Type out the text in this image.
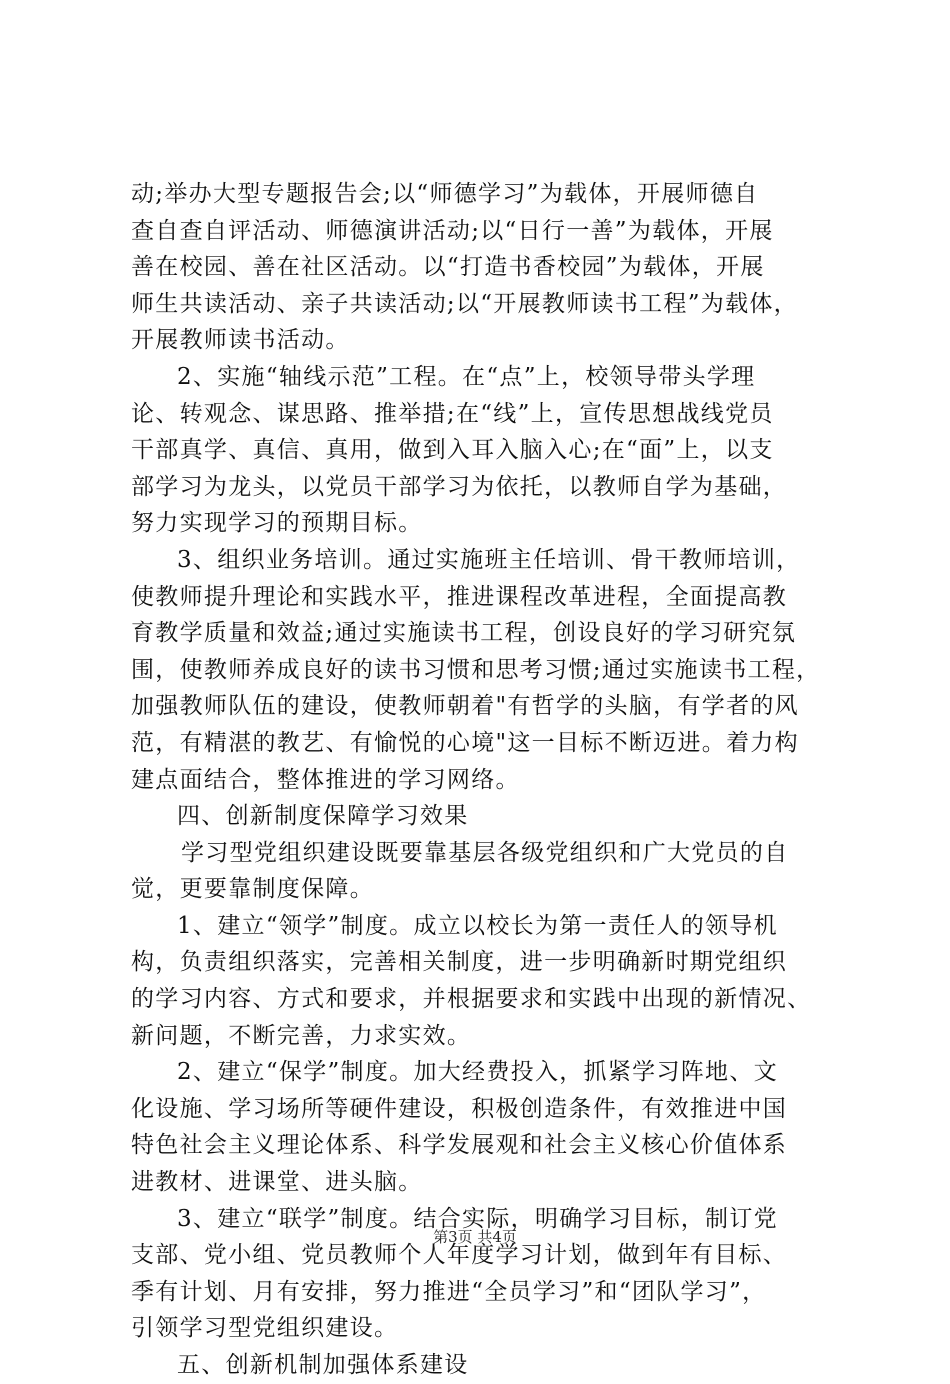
动;举办大型专题报告会;以“师德学习”为载体，开展师德自
查自查自评活动、师德演讲活动;以“日行一善”为载体，开展
善在校园、善在社区活动。以“打造书香校园”为载体，开展
师生共读活动、亲子共读活动;以“开展教师读书工程”为载体，
开展教师读书活动。
2、实施“轴线示范”工程。在“点”上，校领导带头学理
论、转观念、谋思路、推举措;在“线”上，宣传思想战线党员
干部真学、真信、真用，做到入耳入脑入心;在“面”上，以支
部学习为龙头，以党员干部学习为依托，以教师自学为基础，
努力实现学习的预期目标。
3、组织业务培训。通过实施班主任培训、骨干教师培训，
使教师提升理论和实践水平，推进课程改革进程，全面提高教
育教学质量和效益;通过实施读书工程，创设良好的学习研究氛
围，使教师养成良好的读书习惯和思考习惯;通过实施读书工程，
加强教师队伍的建设，使教师朝着"有哲学的头脑，有学者的风
范，有精湛的教艺、有愉悦的心境"这一目标不断迈进。着力构
建点面结合，整体推进的学习网络。
四、创新制度保障学习效果
学习型党组织建设既要靠基层各级党组织和广大党员的自
觉，更要靠制度保障。
1、建立“领学”制度。成立以校长为第一责任人的领导机
构，负责组织落实，完善相关制度，进一步明确新时期党组织
的学习内容、方式和要求，并根据要求和实践中出现的新情况、
新问题，不断完善，力求实效。
2、建立“保学”制度。加大经费投入，抓紧学习阵地、文
化设施、学习场所等硬件建设，积极创造条件，有效推进中国
特色社会主义理论体系、科学发展观和社会主义核心价值体系
进教材、进课堂、进头脑。
3、建立“联学”制度。结合实际，明确学习目标，制订党
支部、党小组、党员教师个人年度学习计划，做到年有目标、
季有计划、月有安排，努力推进“全员学习”和“团队学习”，
引领学习型党组织建设。
五、创新机制加强体系建设
第3页 共4页
